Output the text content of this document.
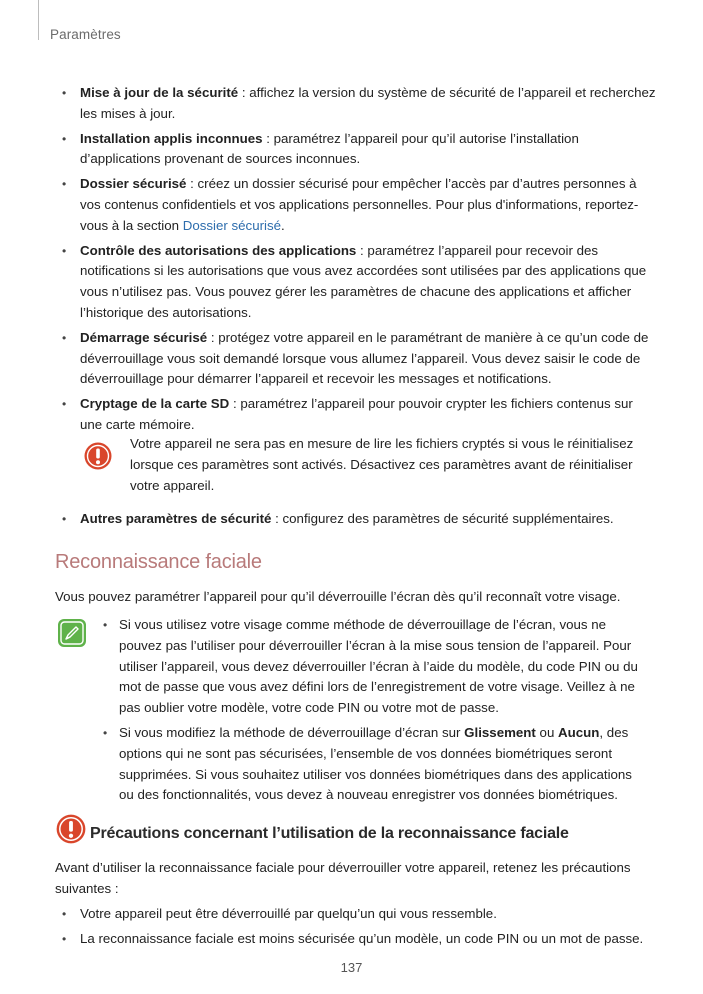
Paramètres
• Mise à jour de la sécurité : affichez la version du système de sécurité de l’appareil et recherchez les mises à jour.
• Installation applis inconnues : paramétrez l’appareil pour qu’il autorise l’installation d’applications provenant de sources inconnues.
• Dossier sécurisé : créez un dossier sécurisé pour empêcher l’accès par d’autres personnes à vos contenus confidentiels et vos applications personnelles. Pour plus d'informations, reportez-vous à la section Dossier sécurisé.
• Contrôle des autorisations des applications : paramétrez l’appareil pour recevoir des notifications si les autorisations que vous avez accordées sont utilisées par des applications que vous n’utilisez pas. Vous pouvez gérer les paramètres de chacune des applications et afficher l’historique des autorisations.
• Démarrage sécurisé : protégez votre appareil en le paramétrant de manière à ce qu’un code de déverrouillage vous soit demandé lorsque vous allumez l’appareil. Vous devez saisir le code de déverrouillage pour démarrer l’appareil et recevoir les messages et notifications.
• Cryptage de la carte SD : paramétrez l’appareil pour pouvoir crypter les fichiers contenus sur une carte mémoire.
Votre appareil ne sera pas en mesure de lire les fichiers cryptés si vous le réinitialisez lorsque ces paramètres sont activés. Désactivez ces paramètres avant de réinitialiser votre appareil.
• Autres paramètres de sécurité : configurez des paramètres de sécurité supplémentaires.
Reconnaissance faciale
Vous pouvez paramétrer l’appareil pour qu’il déverrouille l’écran dès qu’il reconnaît votre visage.
• Si vous utilisez votre visage comme méthode de déverrouillage de l’écran, vous ne pouvez pas l’utiliser pour déverrouiller l’écran à la mise sous tension de l’appareil. Pour utiliser l’appareil, vous devez déverrouiller l’écran à l’aide du modèle, du code PIN ou du mot de passe que vous avez défini lors de l’enregistrement de votre visage. Veillez à ne pas oublier votre modèle, votre code PIN ou votre mot de passe.
• Si vous modifiez la méthode de déverrouillage d’écran sur Glissement ou Aucun, des options qui ne sont pas sécurisées, l’ensemble de vos données biométriques seront supprimées. Si vous souhaitez utiliser vos données biométriques dans des applications ou des fonctionnalités, vous devez à nouveau enregistrer vos données biométriques.
Précautions concernant l’utilisation de la reconnaissance faciale
Avant d’utiliser la reconnaissance faciale pour déverrouiller votre appareil, retenez les précautions suivantes :
• Votre appareil peut être déverrouillé par quelqu’un qui vous ressemble.
• La reconnaissance faciale est moins sécurisée qu’un modèle, un code PIN ou un mot de passe.
137
